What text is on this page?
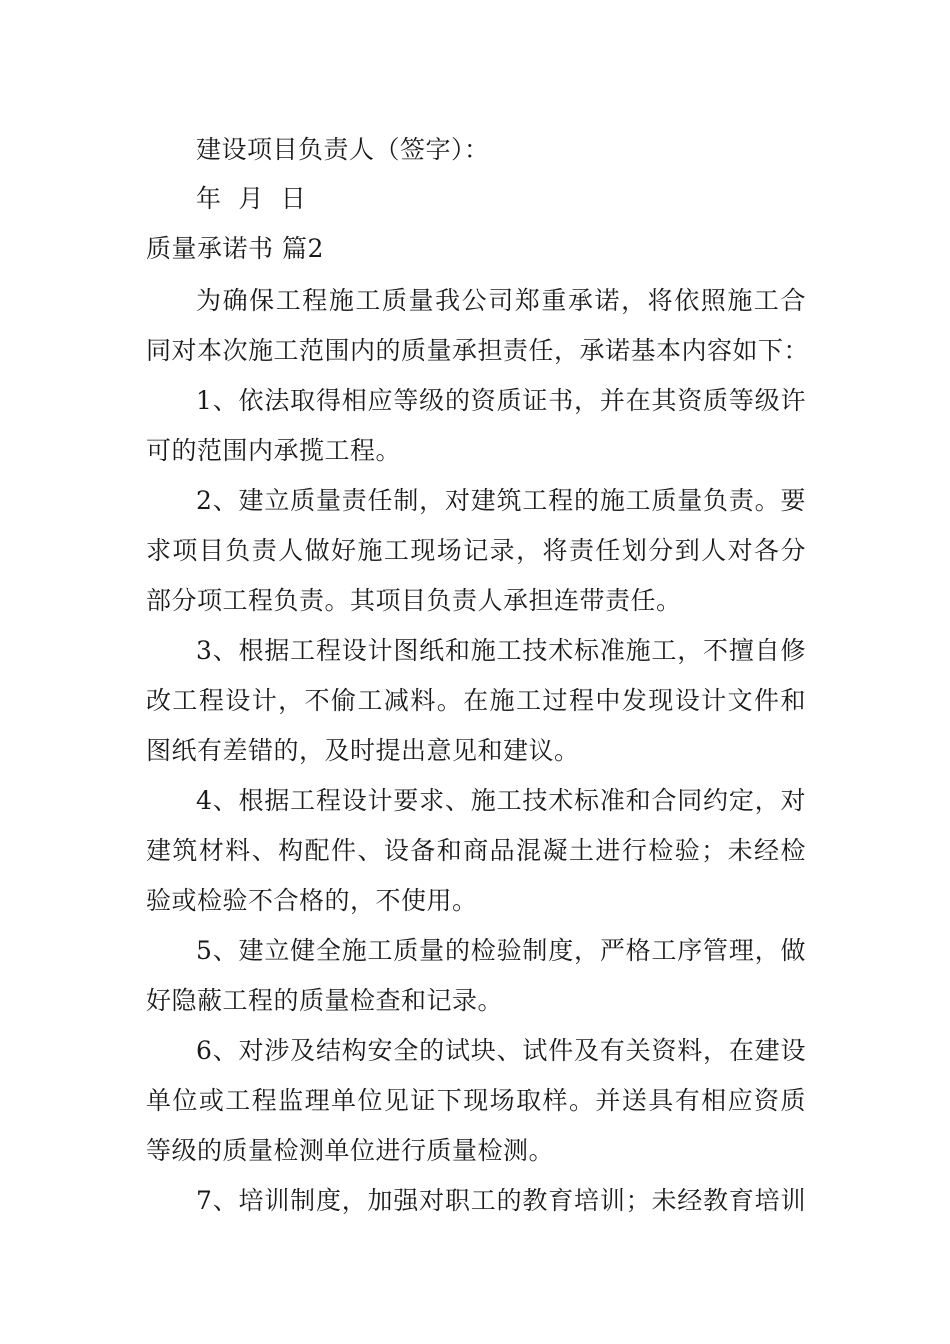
建设项目负责人（签字）：
年  月  日
质量承诺书 篇2
为确保工程施工质量我公司郑重承诺，将依照施工合
同对本次施工范围内的质量承担责任，承诺基本内容如下：
1、依法取得相应等级的资质证书，并在其资质等级许
可的范围内承揽工程。
2、建立质量责任制，对建筑工程的施工质量负责。要
求项目负责人做好施工现场记录，将责任划分到人对各分
部分项工程负责。其项目负责人承担连带责任。
3、根据工程设计图纸和施工技术标准施工，不擅自修
改工程设计，不偷工减料。在施工过程中发现设计文件和
图纸有差错的，及时提出意见和建议。
4、根据工程设计要求、施工技术标准和合同约定，对
建筑材料、构配件、设备和商品混凝土进行检验；未经检
验或检验不合格的，不使用。
5、建立健全施工质量的检验制度，严格工序管理，做
好隐蔽工程的质量检查和记录。
6、对涉及结构安全的试块、试件及有关资料，在建设
单位或工程监理单位见证下现场取样。并送具有相应资质
等级的质量检测单位进行质量检测。
7、培训制度，加强对职工的教育培训；未经教育培训
